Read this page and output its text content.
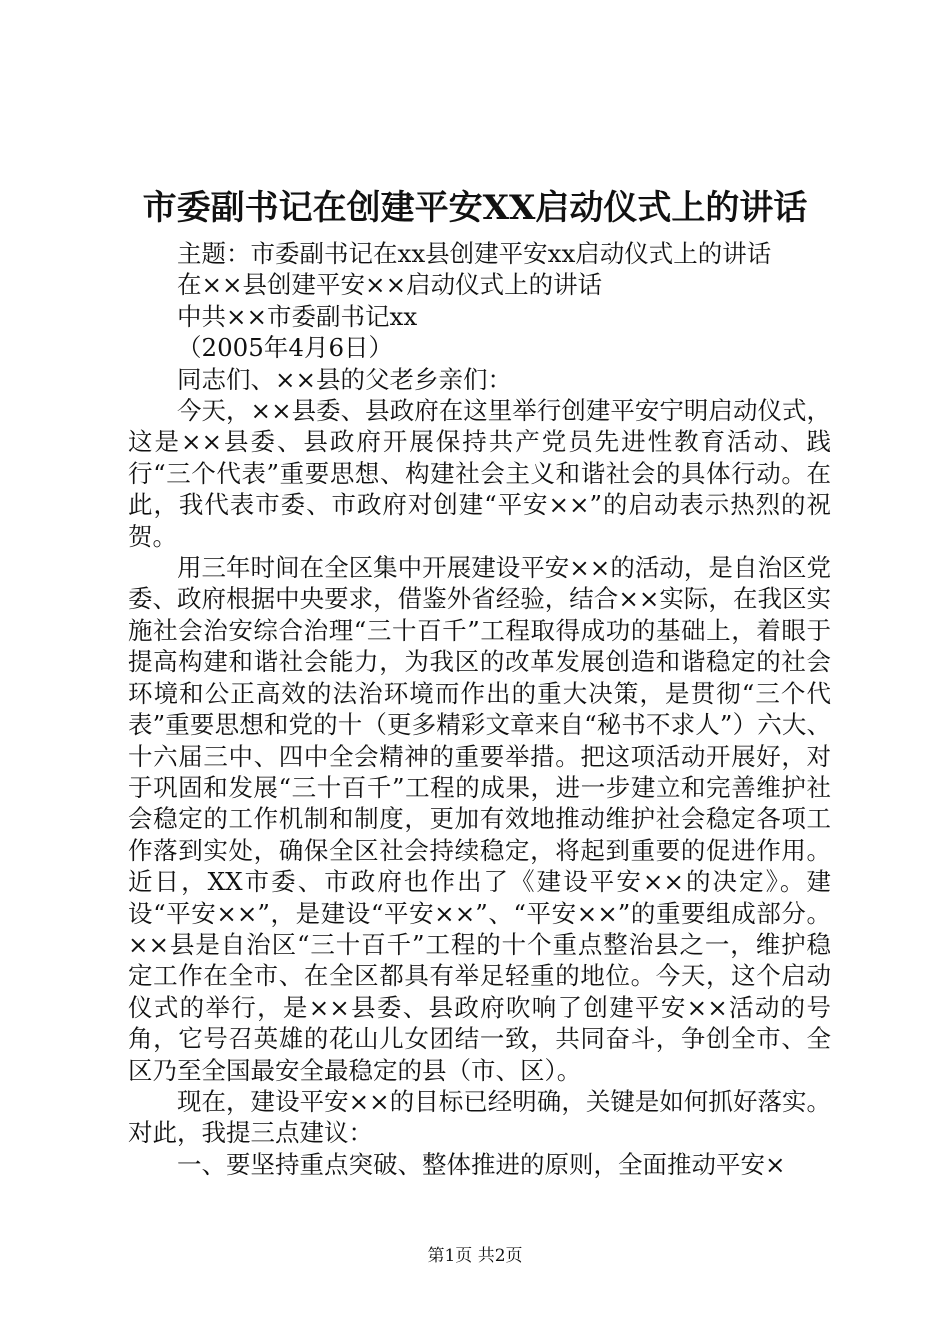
市委副书记在创建平安XX启动仪式上的讲话

主题：市委副书记在xx县创建平安xx启动仪式上的讲话

在××县创建平安××启动仪式上的讲话

中共××市委副书记xx

（2005年4月6日）

同志们、××县的父老乡亲们：

今天，××县委、县政府在这里举行创建平安宁明启动仪式，这是××县委、县政府开展保持共产党员先进性教育活动、践行“三个代表”重要思想、构建社会主义和谐社会的具体行动。在此，我代表市委、市政府对创建“平安××”的启动表示热烈的祝贺。

用三年时间在全区集中开展建设平安××的活动，是自治区党委、政府根据中央要求，借鉴外省经验，结合××实际，在我区实施社会治安综合治理“三十百千”工程取得成功的基础上，着眼于提高构建和谐社会能力，为我区的改革发展创造和谐稳定的社会环境和公正高效的法治环境而作出的重大决策，是贯彻“三个代表”重要思想和党的十（更多精彩文章来自“秘书不求人”）六大、十六届三中、四中全会精神的重要举措。把这项活动开展好，对于巩固和发展“三十百千”工程的成果，进一步建立和完善维护社会稳定的工作机制和制度，更加有效地推动维护社会稳定各项工作落到实处，确保全区社会持续稳定，将起到重要的促进作用。近日，XX市委、市政府也作出了《建设平安××的决定》。建设“平安××”，是建设“平安××”、“平安××”的重要组成部分。××县是自治区“三十百千”工程的十个重点整治县之一，维护稳定工作在全市、在全区都具有举足轻重的地位。今天，这个启动仪式的举行，是××县委、县政府吹响了创建平安××活动的号角，它号召英雄的花山儿女团结一致，共同奋斗，争创全市、全区乃至全国最安全最稳定的县（市、区）。

现在，建设平安××的目标已经明确，关键是如何抓好落实。对此，我提三点建议：

一、要坚持重点突破、整体推进的原则，全面推动平安×

第1页 共2页
